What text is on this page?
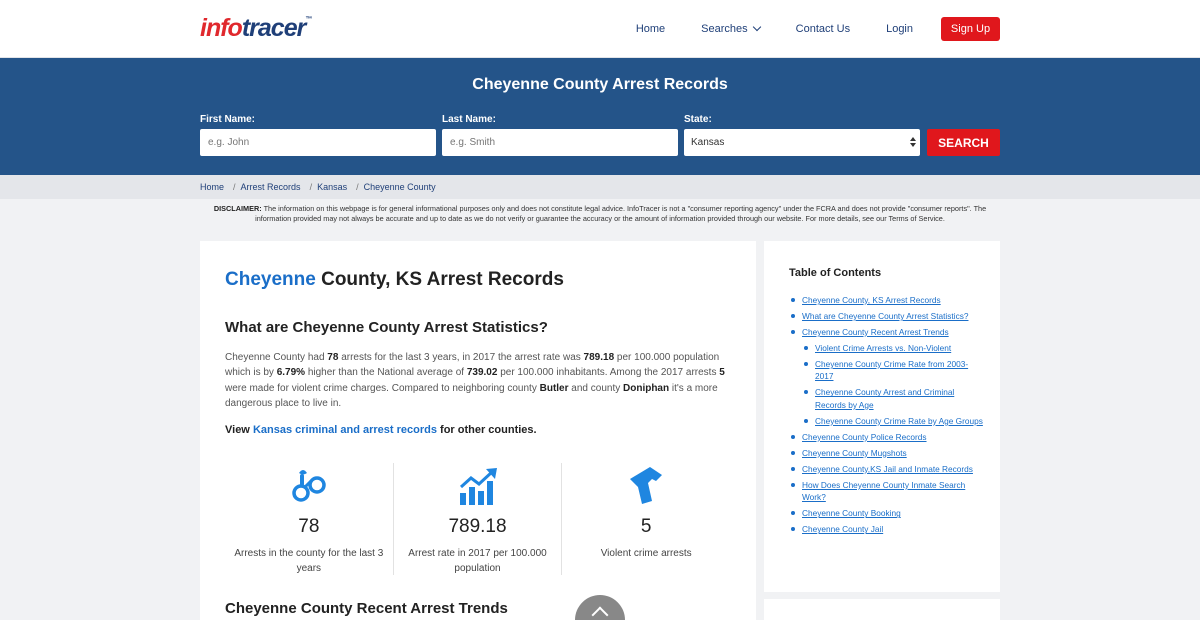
info tracer ™
Home	Searches	Contact Us	Login	Sign Up
Cheyenne County Arrest Records
First Name:
e.g. John	Last Name:
e.g. Smith	State:
Kansas	SEARCH
Home / Arrest Records / Kansas / Cheyenne County
DISCLAIMER: The information on this webpage is for general informational purposes only and does not constitute legal advice. InfoTracer is not a "consumer reporting agency" under the FCRA and does not provide "consumer reports". The information provided may not always be accurate and up to date as we do not verify or guarantee the accuracy or the amount of information provided through our website. For more details, see our Terms of Service.
Cheyenne County, KS Arrest Records
What are Cheyenne County Arrest Statistics?
Cheyenne County had 78 arrests for the last 3 years, in 2017 the arrest rate was 789.18 per 100.000 population which is by 6.79% higher than the National average of 739.02 per 100.000 inhabitants. Among the 2017 arrests 5 were made for violent crime charges. Compared to neighboring county Butler and county Doniphan it's a more dangerous place to live in.
View Kansas criminal and arrest records for other counties.
78
Arrests in the county for the last 3 years
789.18
Arrest rate in 2017 per 100.000 population
5
Violent crime arrests
Cheyenne County Recent Arrest Trends
Table of Contents
Cheyenne County, KS Arrest Records
What are Cheyenne County Arrest Statistics?
Cheyenne County Recent Arrest Trends
Violent Crime Arrests vs. Non-Violent
Cheyenne County Crime Rate from 2003-2017
Cheyenne County Arrest and Criminal Records by Age
Cheyenne County Crime Rate by Age Groups
Cheyenne County Police Records
Cheyenne County Mugshots
Cheyenne County,KS Jail and Inmate Records
How Does Cheyenne County Inmate Search Work?
Cheyenne County Booking
Cheyenne County Jail
